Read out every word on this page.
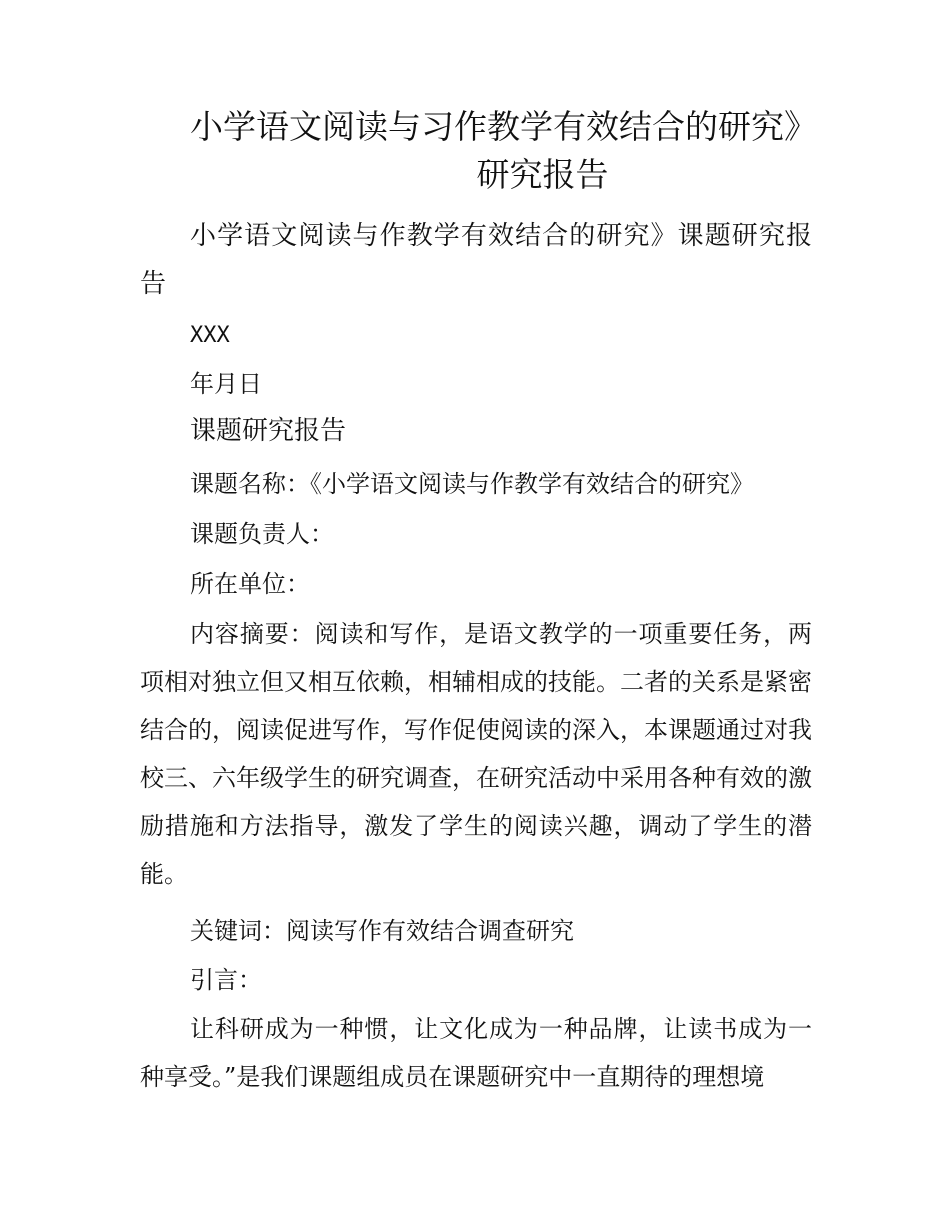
小学语文阅读与习作教学有效结合的研究》
研究报告

小学语文阅读与作教学有效结合的研究》课题研究报告

XXX

年月日

课题研究报告

课题名称：《小学语文阅读与作教学有效结合的研究》

课题负责人：

所在单位：

内容摘要：阅读和写作，是语文教学的一项重要任务，两项相对独立但又相互依赖，相辅相成的技能。二者的关系是紧密结合的，阅读促进写作，写作促使阅读的深入，本课题通过对我校三、六年级学生的研究调查，在研究活动中采用各种有效的激励措施和方法指导，激发了学生的阅读兴趣，调动了学生的潜能。

关键词：阅读写作有效结合调查研究

引言：

让科研成为一种惯，让文化成为一种品牌，让读书成为一种享受。”是我们课题组成员在课题研究中一直期待的理想境
